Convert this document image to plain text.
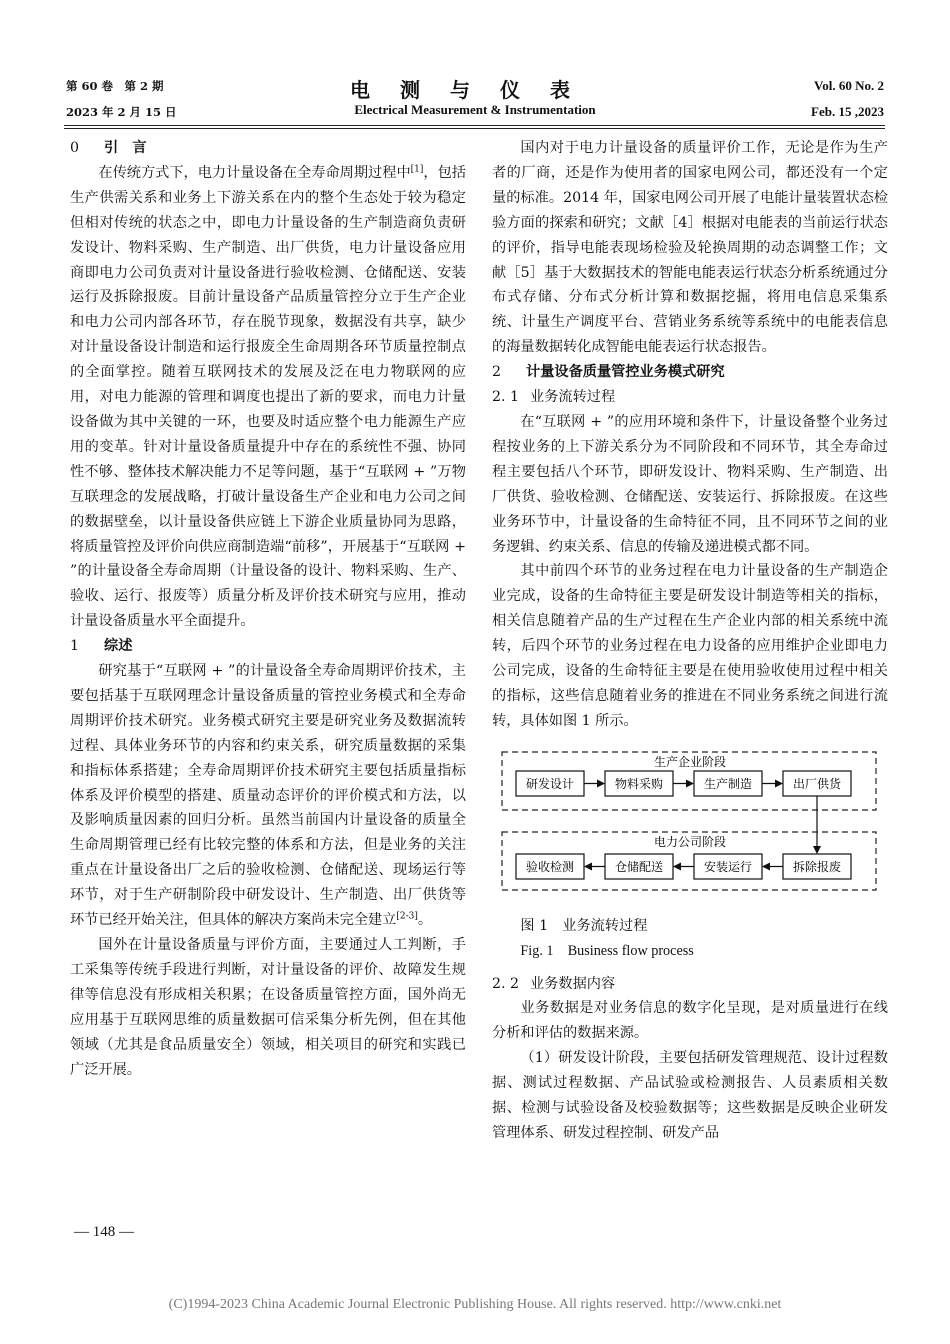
第 60 卷　第 2 期
2023 年 2 月 15 日
电测与仪表
Electrical Measurement & Instrumentation
Vol. 60 No. 2
Feb. 15 ,2023
0 引　言

在传统方式下，电力计量设备在全寿命周期过程中[1]，包括生产供需关系和业务上下游关系在内的整个生态处于较为稳定但相对传统的状态之中，即电力计量设备的生产制造商负责研发设计、物料采购、生产制造、出厂供货，电力计量设备应用商即电力公司负责对计量设备进行验收检测、仓储配送、安装运行及拆除报废。目前计量设备产品质量管控分立于生产企业和电力公司内部各环节，存在脱节现象，数据没有共享，缺少对计量设备设计制造和运行报废全生命周期各环节质量控制点的全面掌控。随着互联网技术的发展及泛在电力物联网的应用，对电力能源的管理和调度也提出了新的要求，而电力计量设备做为其中关键的一环，也要及时适应整个电力能源生产应用的变革。针对计量设备质量提升中存在的系统性不强、协同性不够、整体技术解决能力不足等问题，基于“互联网 + ”万物互联理念的发展战略，打破计量设备生产企业和电力公司之间的数据壁垒，以计量设备供应链上下游企业质量协同为思路，将质量管控及评价向供应商制造端“前移”，开展基于“互联网 + ”的计量设备全寿命周期（计量设备的设计、物料采购、生产、验收、运行、报废等）质量分析及评价技术研究与应用，推动计量设备质量水平全面提升。

1 综述

研究基于“互联网 + ”的计量设备全寿命周期评价技术，主要包括基于互联网理念计量设备质量的管控业务模式和全寿命周期评价技术研究。业务模式研究主要是研究业务及数据流转过程、具体业务环节的内容和约束关系，研究质量数据的采集和指标体系搭建；全寿命周期评价技术研究主要包括质量指标体系及评价模型的搭建、质量动态评价的评价模式和方法，以及影响质量因素的回归分析。虽然当前国内计量设备的质量全生命周期管理已经有比较完整的体系和方法，但是业务的关注重点在计量设备出厂之后的验收检测、仓储配送、现场运行等环节，对于生产研制阶段中研发设计、生产制造、出厂供货等环节已经开始关注，但具体的解决方案尚未完全建立[2-3]。

国外在计量设备质量与评价方面，主要通过人工判断，手工采集等传统手段进行判断，对计量设备的评价、故障发生规律等信息没有形成相关积累；在设备质量管控方面，国外尚无应用基于互联网思维的质量数据可信采集分析先例，但在其他领域（尤其是食品质量安全）领域，相关项目的研究和实践已广泛开展。

国内对于电力计量设备的质量评价工作，无论是作为生产者的厂商，还是作为使用者的国家电网公司，都还没有一个定量的标准。2014 年，国家电网公司开展了电能计量装置状态检验方面的探索和研究；文献［4］根据对电能表的当前运行状态的评价，指导电能表现场检验及轮换周期的动态调整工作；文献［5］基于大数据技术的智能电能表运行状态分析系统通过分布式存储、分布式分析计算和数据挖掘，将用电信息采集系统、计量生产调度平台、营销业务系统等系统中的电能表信息的海量数据转化成智能电能表运行状态报告。

2 计量设备质量管控业务模式研究
2. 1 业务流转过程

在“互联网 + ”的应用环境和条件下，计量设备整个业务过程按业务的上下游关系分为不同阶段和不同环节，其全寿命过程主要包括八个环节，即研发设计、物料采购、生产制造、出厂供货、验收检测、仓储配送、安装运行、拆除报废。在这些业务环节中，计量设备的生命特征不同，且不同环节之间的业务逻辑、约束关系、信息的传输及递进模式都不同。

其中前四个环节的业务过程在电力计量设备的生产制造企业完成，设备的生命特征主要是研发设计制造等相关的指标，相关信息随着产品的生产过程在生产企业内部的相关系统中流转，后四个环节的业务过程在电力设备的应用维护企业即电力公司完成，设备的生命特征主要是在使用验收使用过程中相关的指标，这些信息随着业务的推进在不同业务系统之间进行流转，具体如图 1 所示。

生产企业阶段
电力公司阶段
研发设计	物料采购	生产制造	出厂供货
验收检测	仓储配送	安装运行	拆除报废

图 1　业务流转过程

Fig. 1　Business flow process

2. 2 业务数据内容

业务数据是对业务信息的数字化呈现，是对质量进行在线分析和评估的数据来源。

（1）研发设计阶段，主要包括研发管理规范、设计过程数据、测试过程数据、产品试验或检测报告、人员素质相关数据、检测与试验设备及校验数据等；这些数据是反映企业研发管理体系、研发过程控制、研发产品

— 148 —
(C)1994-2023 China Academic Journal Electronic Publishing House. All rights reserved. http://www.cnki.net
